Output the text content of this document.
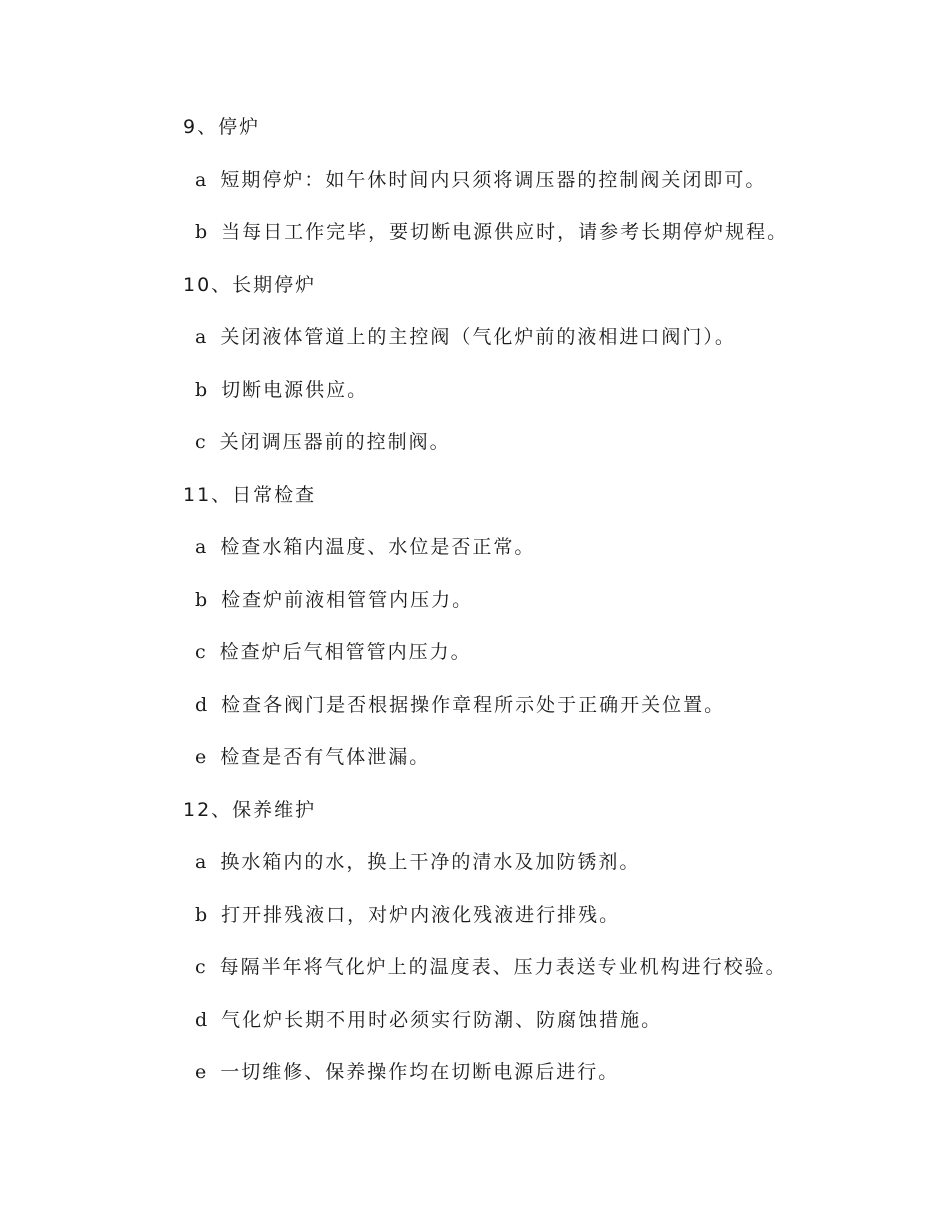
9、停炉
a 短期停炉：如午休时间内只须将调压器的控制阀关闭即可。
b 当每日工作完毕，要切断电源供应时，请参考长期停炉规程。
10、长期停炉
a 关闭液体管道上的主控阀（气化炉前的液相进口阀门）。
b 切断电源供应。
c 关闭调压器前的控制阀。
11、日常检查
a 检查水箱内温度、水位是否正常。
b 检查炉前液相管管内压力。
c 检查炉后气相管管内压力。
d 检查各阀门是否根据操作章程所示处于正确开关位置。
e 检查是否有气体泄漏。
12、保养维护
a 换水箱内的水，换上干净的清水及加防锈剂。
b 打开排残液口，对炉内液化残液进行排残。
c 每隔半年将气化炉上的温度表、压力表送专业机构进行校验。
d 气化炉长期不用时必须实行防潮、防腐蚀措施。
e 一切维修、保养操作均在切断电源后进行。
